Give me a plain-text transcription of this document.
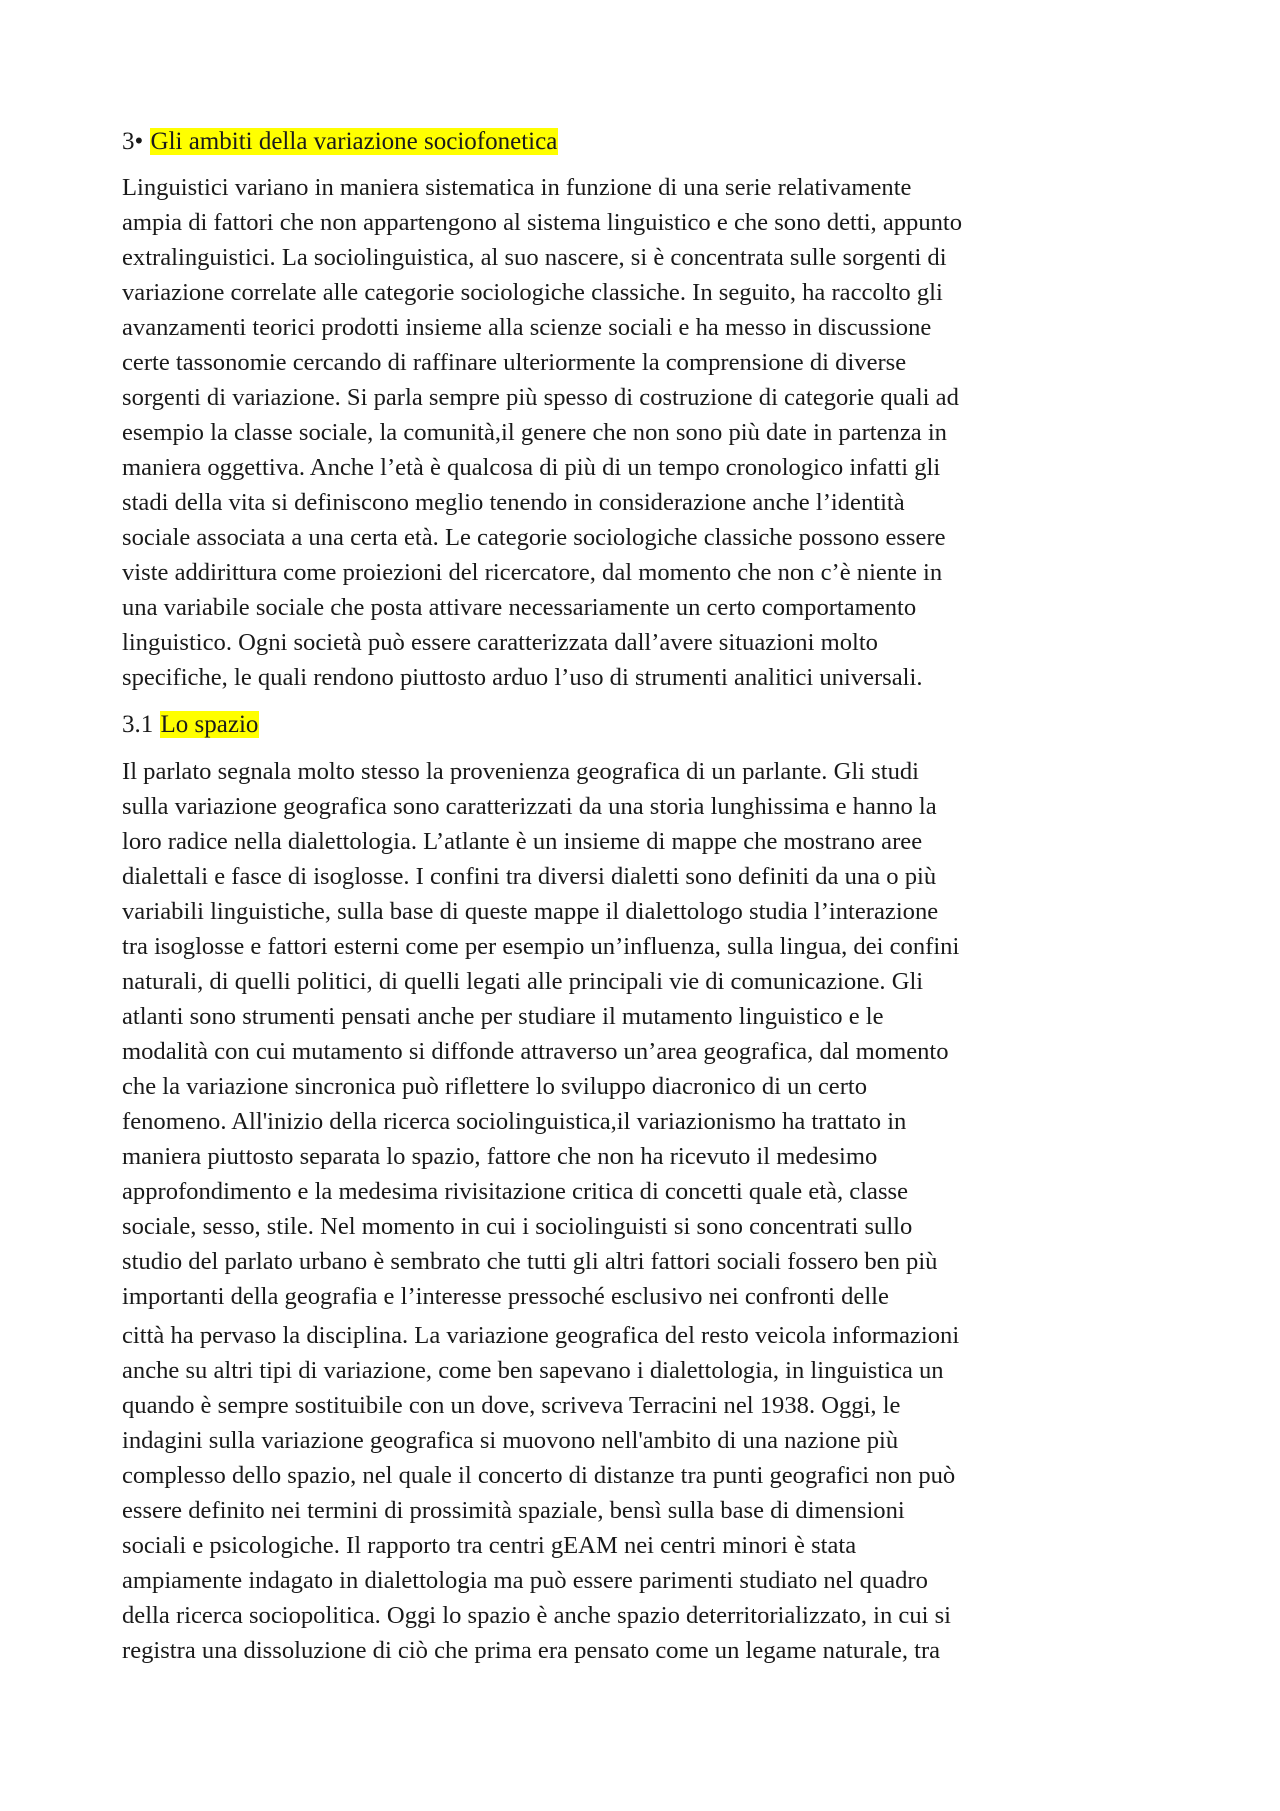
3• Gli ambiti della variazione sociofonetica
Linguistici variano in maniera sistematica in funzione di una serie relativamente
ampia di fattori che non appartengono al sistema linguistico e che sono detti, appunto
extralinguistici. La sociolinguistica, al suo nascere, si è concentrata sulle sorgenti di
variazione correlate alle categorie sociologiche classiche. In seguito, ha raccolto gli
avanzamenti teorici prodotti insieme alla scienze sociali e ha messo in discussione
certe tassonomie cercando di raffinare ulteriormente la comprensione di diverse
sorgenti di variazione. Si parla sempre più spesso di costruzione di categorie quali ad
esempio la classe sociale, la comunità,il genere che non sono più date in partenza in
maniera oggettiva. Anche l’età è qualcosa di più di un tempo cronologico infatti gli
stadi della vita si definiscono meglio tenendo in considerazione anche l’identità
sociale associata a una certa età. Le categorie sociologiche classiche possono essere
viste addirittura come proiezioni del ricercatore, dal momento che non c’è niente in
una variabile sociale che posta attivare necessariamente un certo comportamento
linguistico. Ogni società può essere caratterizzata dall’avere situazioni molto
specifiche, le quali rendono piuttosto arduo l’uso di strumenti analitici universali.
3.1 Lo spazio
Il parlato segnala molto stesso la provenienza geografica di un parlante. Gli studi
sulla variazione geografica sono caratterizzati da una storia lunghissima e hanno la
loro radice nella dialettologia. L’atlante è un insieme di mappe che mostrano aree
dialettali e fasce di isoglosse. I confini tra diversi dialetti sono definiti da una o più
variabili linguistiche, sulla base di queste mappe il dialettologo studia l’interazione
tra isoglosse e fattori esterni come per esempio un’influenza, sulla lingua, dei confini
naturali, di quelli politici, di quelli legati alle principali vie di comunicazione. Gli
atlanti sono strumenti pensati anche per studiare il mutamento linguistico e le
modalità con cui mutamento si diffonde attraverso un’area geografica, dal momento
che la variazione sincronica può riflettere lo sviluppo diacronico di un certo
fenomeno. All'inizio della ricerca sociolinguistica,il variazionismo ha trattato in
maniera piuttosto separata lo spazio, fattore che non ha ricevuto il medesimo
approfondimento e la medesima rivisitazione critica di concetti quale età, classe
sociale, sesso, stile. Nel momento in cui i sociolinguisti si sono concentrati sullo
studio del parlato urbano è sembrato che tutti gli altri fattori sociali fossero ben più
importanti della geografia e l’interesse pressoché esclusivo nei confronti delle
città ha pervaso la disciplina. La variazione geografica del resto veicola informazioni
anche su altri tipi di variazione, come ben sapevano i dialettologia, in linguistica un
quando è sempre sostituibile con un dove, scriveva Terracini nel 1938. Oggi, le
indagini sulla variazione geografica si muovono nell'ambito di una nazione più
complesso dello spazio, nel quale il concerto di distanze tra punti geografici non può
essere definito nei termini di prossimità spaziale, bensì sulla base di dimensioni
sociali e psicologiche. Il rapporto tra centri gEAM nei centri minori è stata
ampiamente indagato in dialettologia ma può essere parimenti studiato nel quadro
della ricerca sociopolitica. Oggi lo spazio è anche spazio deterritorializzato, in cui si
registra una dissoluzione di ciò che prima era pensato come un legame naturale, tra
